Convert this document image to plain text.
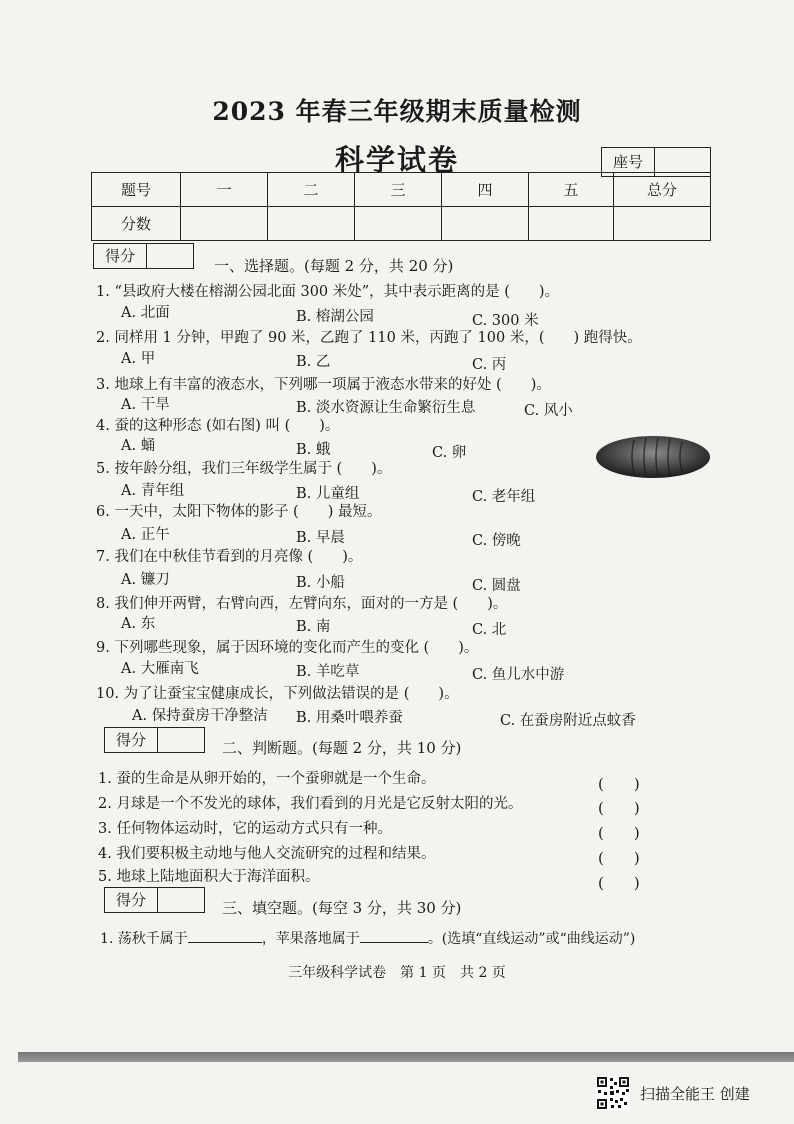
2023 年春三年级期末质量检测
科学试卷	座号
题号	一	二	三	四	五	总分
分数						
得分
一、选择题。(每题 2 分，共 20 分)
1. “县政府大楼在榕湖公园北面 300 米处”，其中表示距离的是 (　　)。
A. 北面	B. 榕湖公园	C. 300 米
2. 同样用 1 分钟，甲跑了 90 米，乙跑了 110 米，丙跑了 100 米，(　　) 跑得快。
A. 甲	B. 乙	C. 丙
3. 地球上有丰富的液态水，下列哪一项属于液态水带来的好处 (　　)。
A. 干旱	B. 淡水资源让生命繁衍生息	C. 风小
4. 蚕的这种形态 (如右图) 叫 (　　)。
A. 蛹	B. 蛾	C. 卵
5. 按年龄分组，我们三年级学生属于 (　　)。
A. 青年组	B. 儿童组	C. 老年组
6. 一天中，太阳下物体的影子 (　　) 最短。
A. 正午	B. 早晨	C. 傍晚
7. 我们在中秋佳节看到的月亮像 (　　)。
A. 镰刀	B. 小船	C. 圆盘
8. 我们伸开两臂，右臂向西，左臂向东，面对的一方是 (　　)。
A. 东	B. 南	C. 北
9. 下列哪些现象，属于因环境的变化而产生的变化 (　　)。
A. 大雁南飞	B. 羊吃草	C. 鱼儿水中游
10. 为了让蚕宝宝健康成长，下列做法错误的是 (　　)。
A. 保持蚕房干净整洁 B. 用桑叶喂养蚕	C. 在蚕房附近点蚊香
得分	二、判断题。(每题 2 分，共 10 分)
1. 蚕的生命是从卵开始的，一个蚕卵就是一个生命。	(　　)
2. 月球是一个不发光的球体，我们看到的月光是它反射太阳的光。	(　　)
3. 任何物体运动时，它的运动方式只有一种。	(　　)
4. 我们要积极主动地与他人交流研究的过程和结果。	(　　)
5. 地球上陆地面积大于海洋面积。	(　　)
得分	三、填空题。(每空 3 分，共 30 分)
1. 荡秋千属于	，苹果落地属于	。(选填“直线运动”或“曲线运动”)
三年级科学试卷　第 1 页　共 2 页
扫描全能王 创建
